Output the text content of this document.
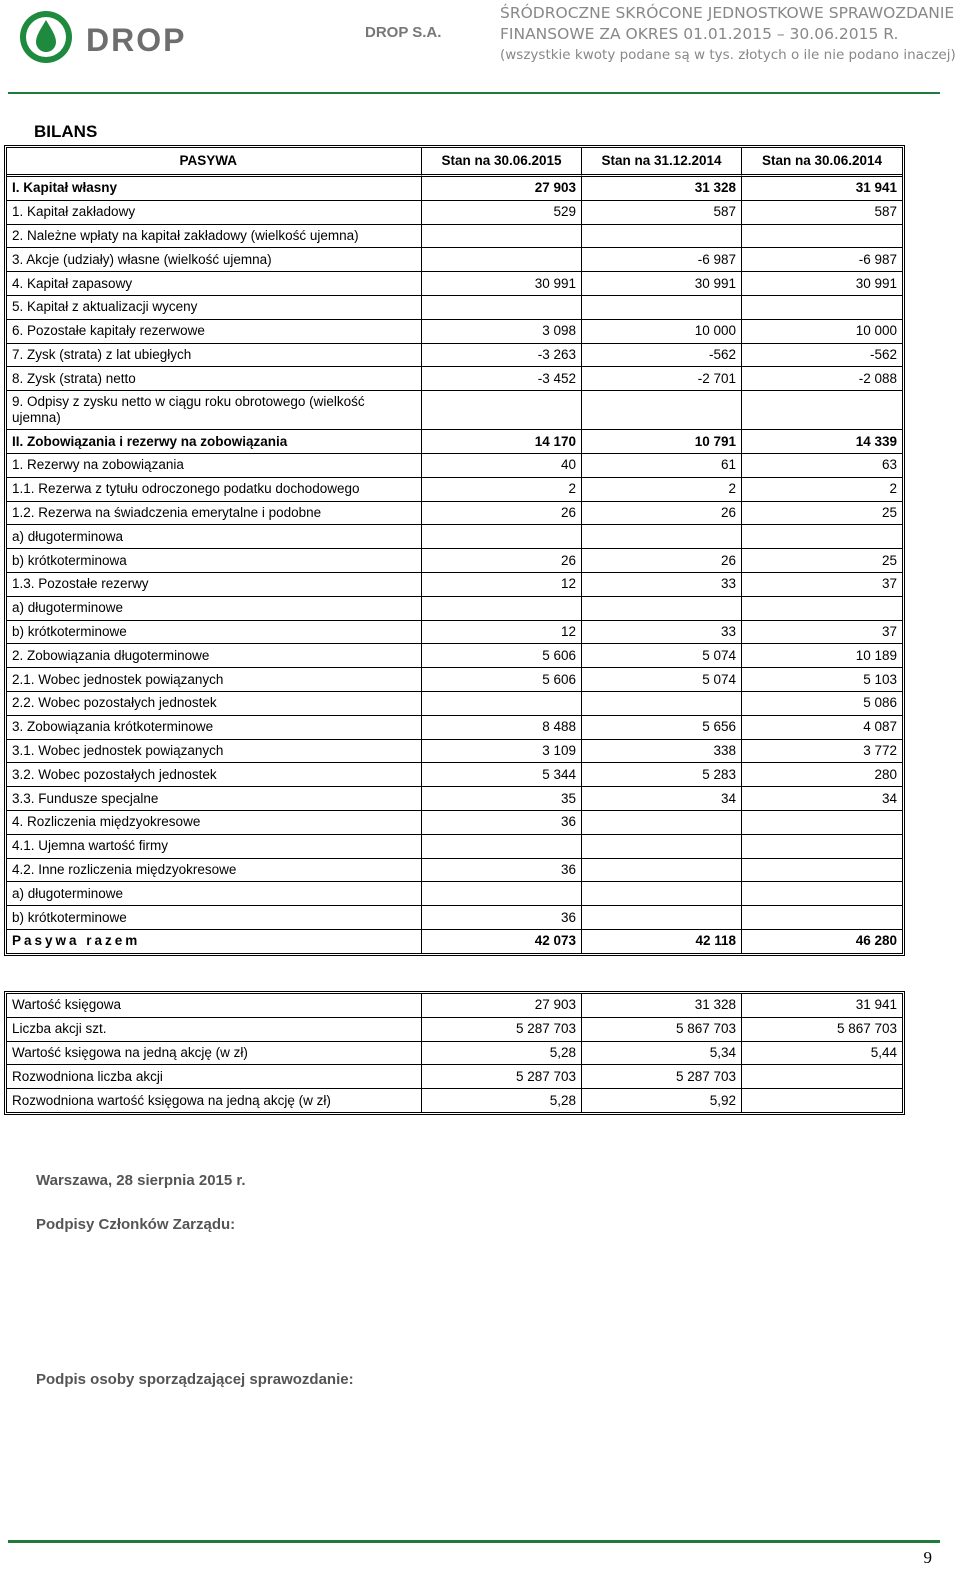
DROP	DROP S.A.
ŚRÓDROCZNE SKRÓCONE JEDNOSTKOWE SPRAWOZDANIE
FINANSOWE ZA OKRES 01.01.2015 – 30.06.2015 R.
(wszystkie kwoty podane są w tys. złotych o ile nie podano inaczej)
BILANS
PASYWA	Stan na 30.06.2015	Stan na 31.12.2014	Stan na 30.06.2014
I. Kapitał własny	27 903	31 328	31 941
1. Kapitał zakładowy	529	587	587
2. Należne wpłaty na kapitał zakładowy (wielkość ujemna)			
3. Akcje (udziały) własne (wielkość ujemna)		-6 987	-6 987
4. Kapitał zapasowy	30 991	30 991	30 991
5. Kapitał z aktualizacji wyceny			
6. Pozostałe kapitały rezerwowe	3 098	10 000	10 000
7. Zysk (strata) z lat ubiegłych	-3 263	-562	-562
8. Zysk (strata) netto	-3 452	-2 701	-2 088
9. Odpisy z zysku netto w ciągu roku obrotowego (wielkość ujemna)			
II. Zobowiązania i rezerwy na zobowiązania	14 170	10 791	14 339
1. Rezerwy na zobowiązania	40	61	63
1.1. Rezerwa z tytułu odroczonego podatku dochodowego	2	2	2
1.2. Rezerwa na świadczenia emerytalne i podobne	26	26	25
a) długoterminowa			
b) krótkoterminowa	26	26	25
1.3. Pozostałe rezerwy	12	33	37
a) długoterminowe			
b) krótkoterminowe	12	33	37
2. Zobowiązania długoterminowe	5 606	5 074	10 189
2.1. Wobec jednostek powiązanych	5 606	5 074	5 103
2.2. Wobec pozostałych jednostek			5 086
3. Zobowiązania krótkoterminowe	8 488	5 656	4 087
3.1. Wobec jednostek powiązanych	3 109	338	3 772
3.2. Wobec pozostałych jednostek	5 344	5 283	280
3.3. Fundusze specjalne	35	34	34
4. Rozliczenia międzyokresowe	36		
4.1. Ujemna wartość firmy			
4.2. Inne rozliczenia międzyokresowe	36		
a) długoterminowe			
b) krótkoterminowe	36		
Pasywa razem	42 073	42 118	46 280
Wartość księgowa	27 903	31 328	31 941
Liczba akcji szt.	5 287 703	5 867 703	5 867 703
Wartość księgowa na jedną akcję (w zł)	5,28	5,34	5,44
Rozwodniona liczba akcji	5 287 703	5 287 703	
Rozwodniona wartość księgowa na jedną akcję (w zł)	5,28	5,92	
Warszawa, 28 sierpnia 2015 r.
Podpisy Członków Zarządu:
Podpis osoby sporządzającej sprawozdanie:
9
